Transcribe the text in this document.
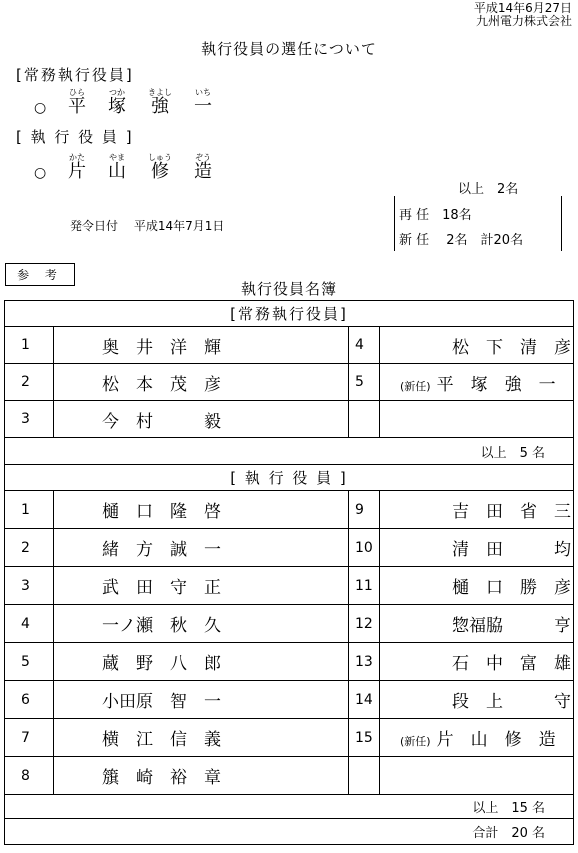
平成14年6月27日
九州電力株式会社
執行役員の選任について
[常務執行役員]
○
ひら
平
つか
塚
きよし
強
いち
一
[ 執 行 役 員 ]
○
かた
片
やま
山
しゅう
修
ぞう
造
以上　2名
再 任　18名
新 任　 2名　計20名
発令日付　 平成14年7月1日
参 考
執行役員名簿
[常務執行役員]			
1	奥　井　洋　輝	4	松　下　清　彦
2	松　本　茂　彦	5	(新任) 平　塚　強　一
3	今　村　　　毅		
以上　5 名			
[ 執 行 役 員 ]			
1	樋　口　隆　啓	9	吉　田　省　三
2	緒　方　誠　一	10	清　田　　　均
3	武　田　守　正	11	樋　口　勝　彦
4	一ノ瀬　秋　久	12	惣福脇　　　亨
5	蔵　野　八　郎	13	石　中　富　雄
6	小田原　智　一	14	段　上　　　守
7	横　江　信　義	15	(新任) 片　山　修　造
8	籏　崎　裕　章		
以上　15 名			
合計　20 名			
